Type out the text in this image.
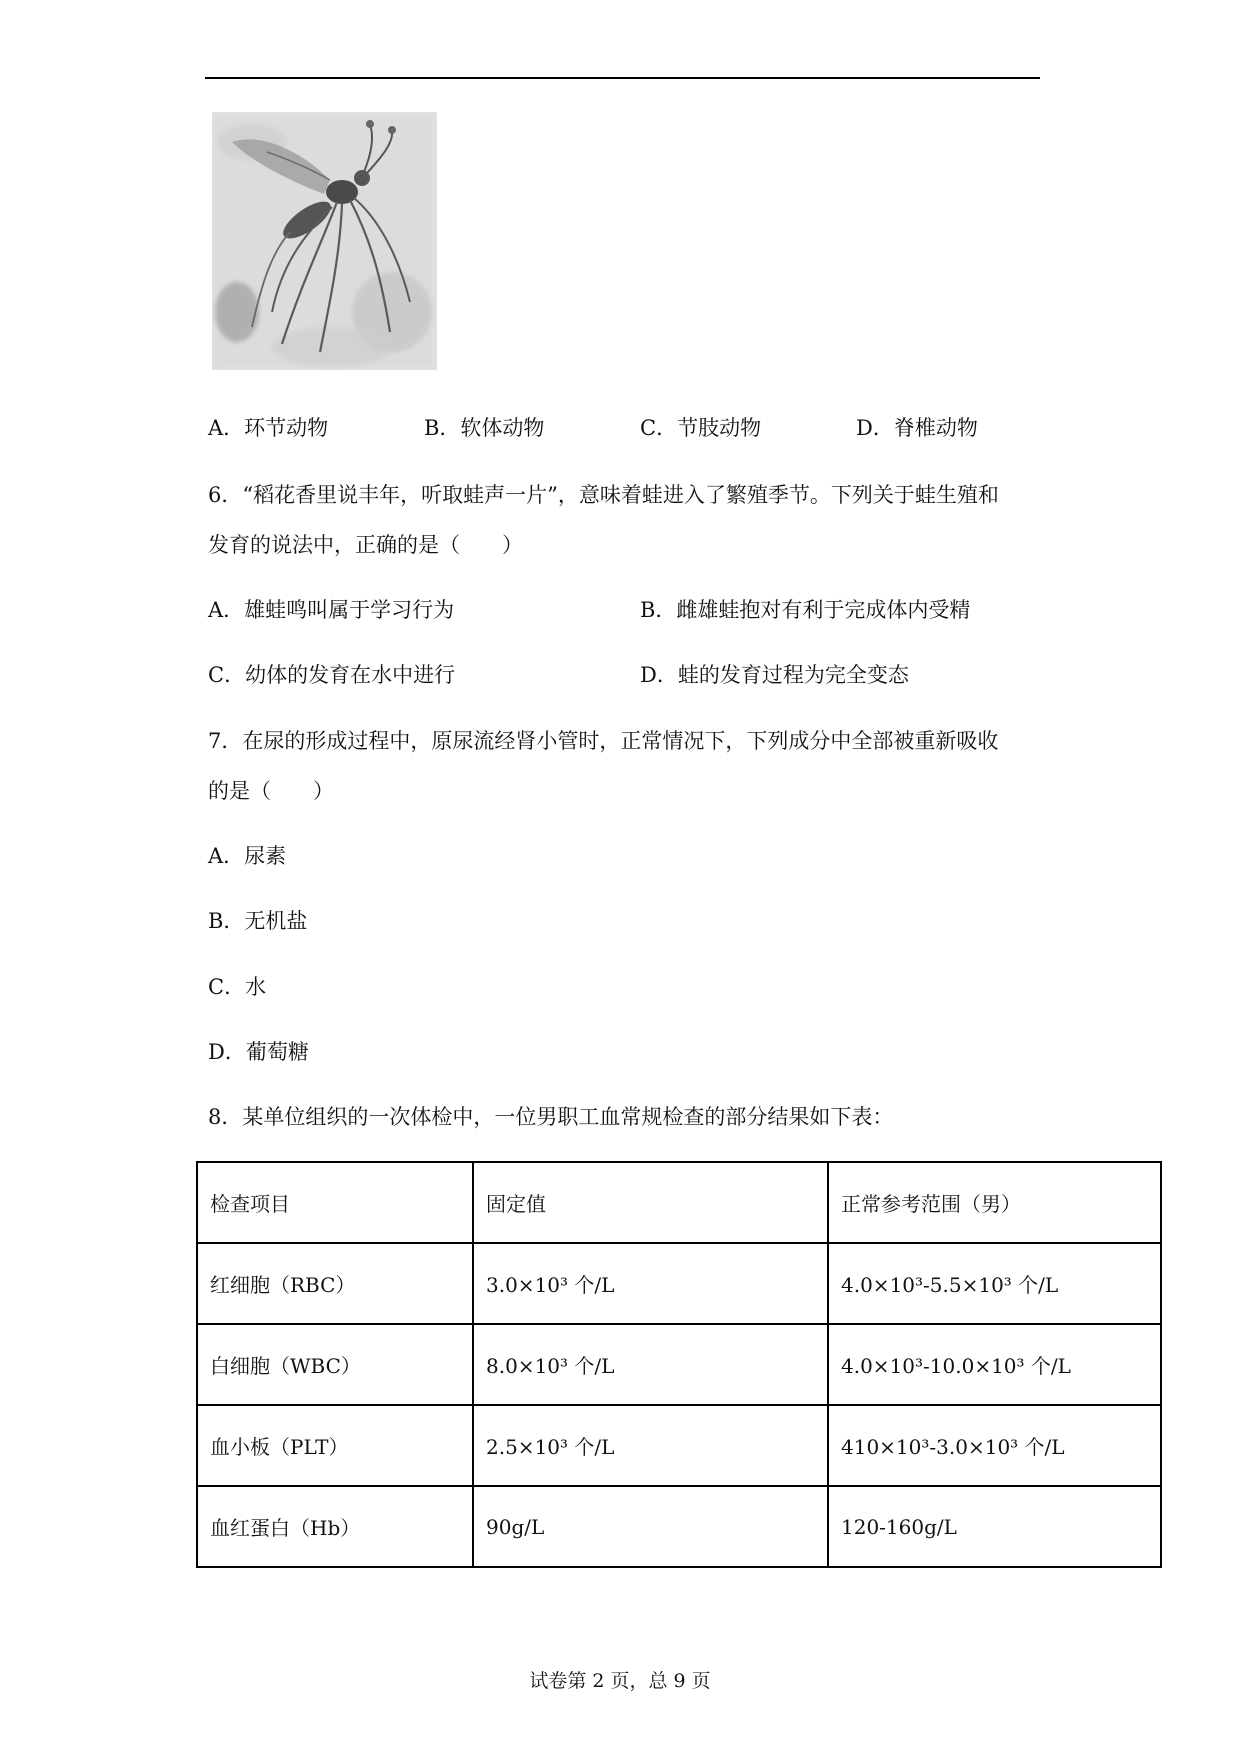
A．环节动物	B．软体动物	C．节肢动物	D．脊椎动物
6．“稻花香里说丰年，听取蛙声一片”，意味着蛙进入了繁殖季节。下列关于蛙生殖和
发育的说法中，正确的是（　　）
A．雄蛙鸣叫属于学习行为	B．雌雄蛙抱对有利于完成体内受精
C．幼体的发育在水中进行	D．蛙的发育过程为完全变态
7．在尿的形成过程中，原尿流经肾小管时，正常情况下，下列成分中全部被重新吸收
的是（　　）
A．尿素
B．无机盐
C．水
D．葡萄糖
8．某单位组织的一次体检中，一位男职工血常规检查的部分结果如下表：
检查项目	固定值	正常参考范围（男）
红细胞（RBC）	3.0×10³ 个/L	4.0×10³-5.5×10³ 个/L
白细胞（WBC）	8.0×10³ 个/L	4.0×10³-10.0×10³ 个/L
血小板（PLT）	2.5×10³ 个/L	410×10³-3.0×10³ 个/L
血红蛋白（Hb）	90g/L	120-160g/L
试卷第 2 页，总 9 页
